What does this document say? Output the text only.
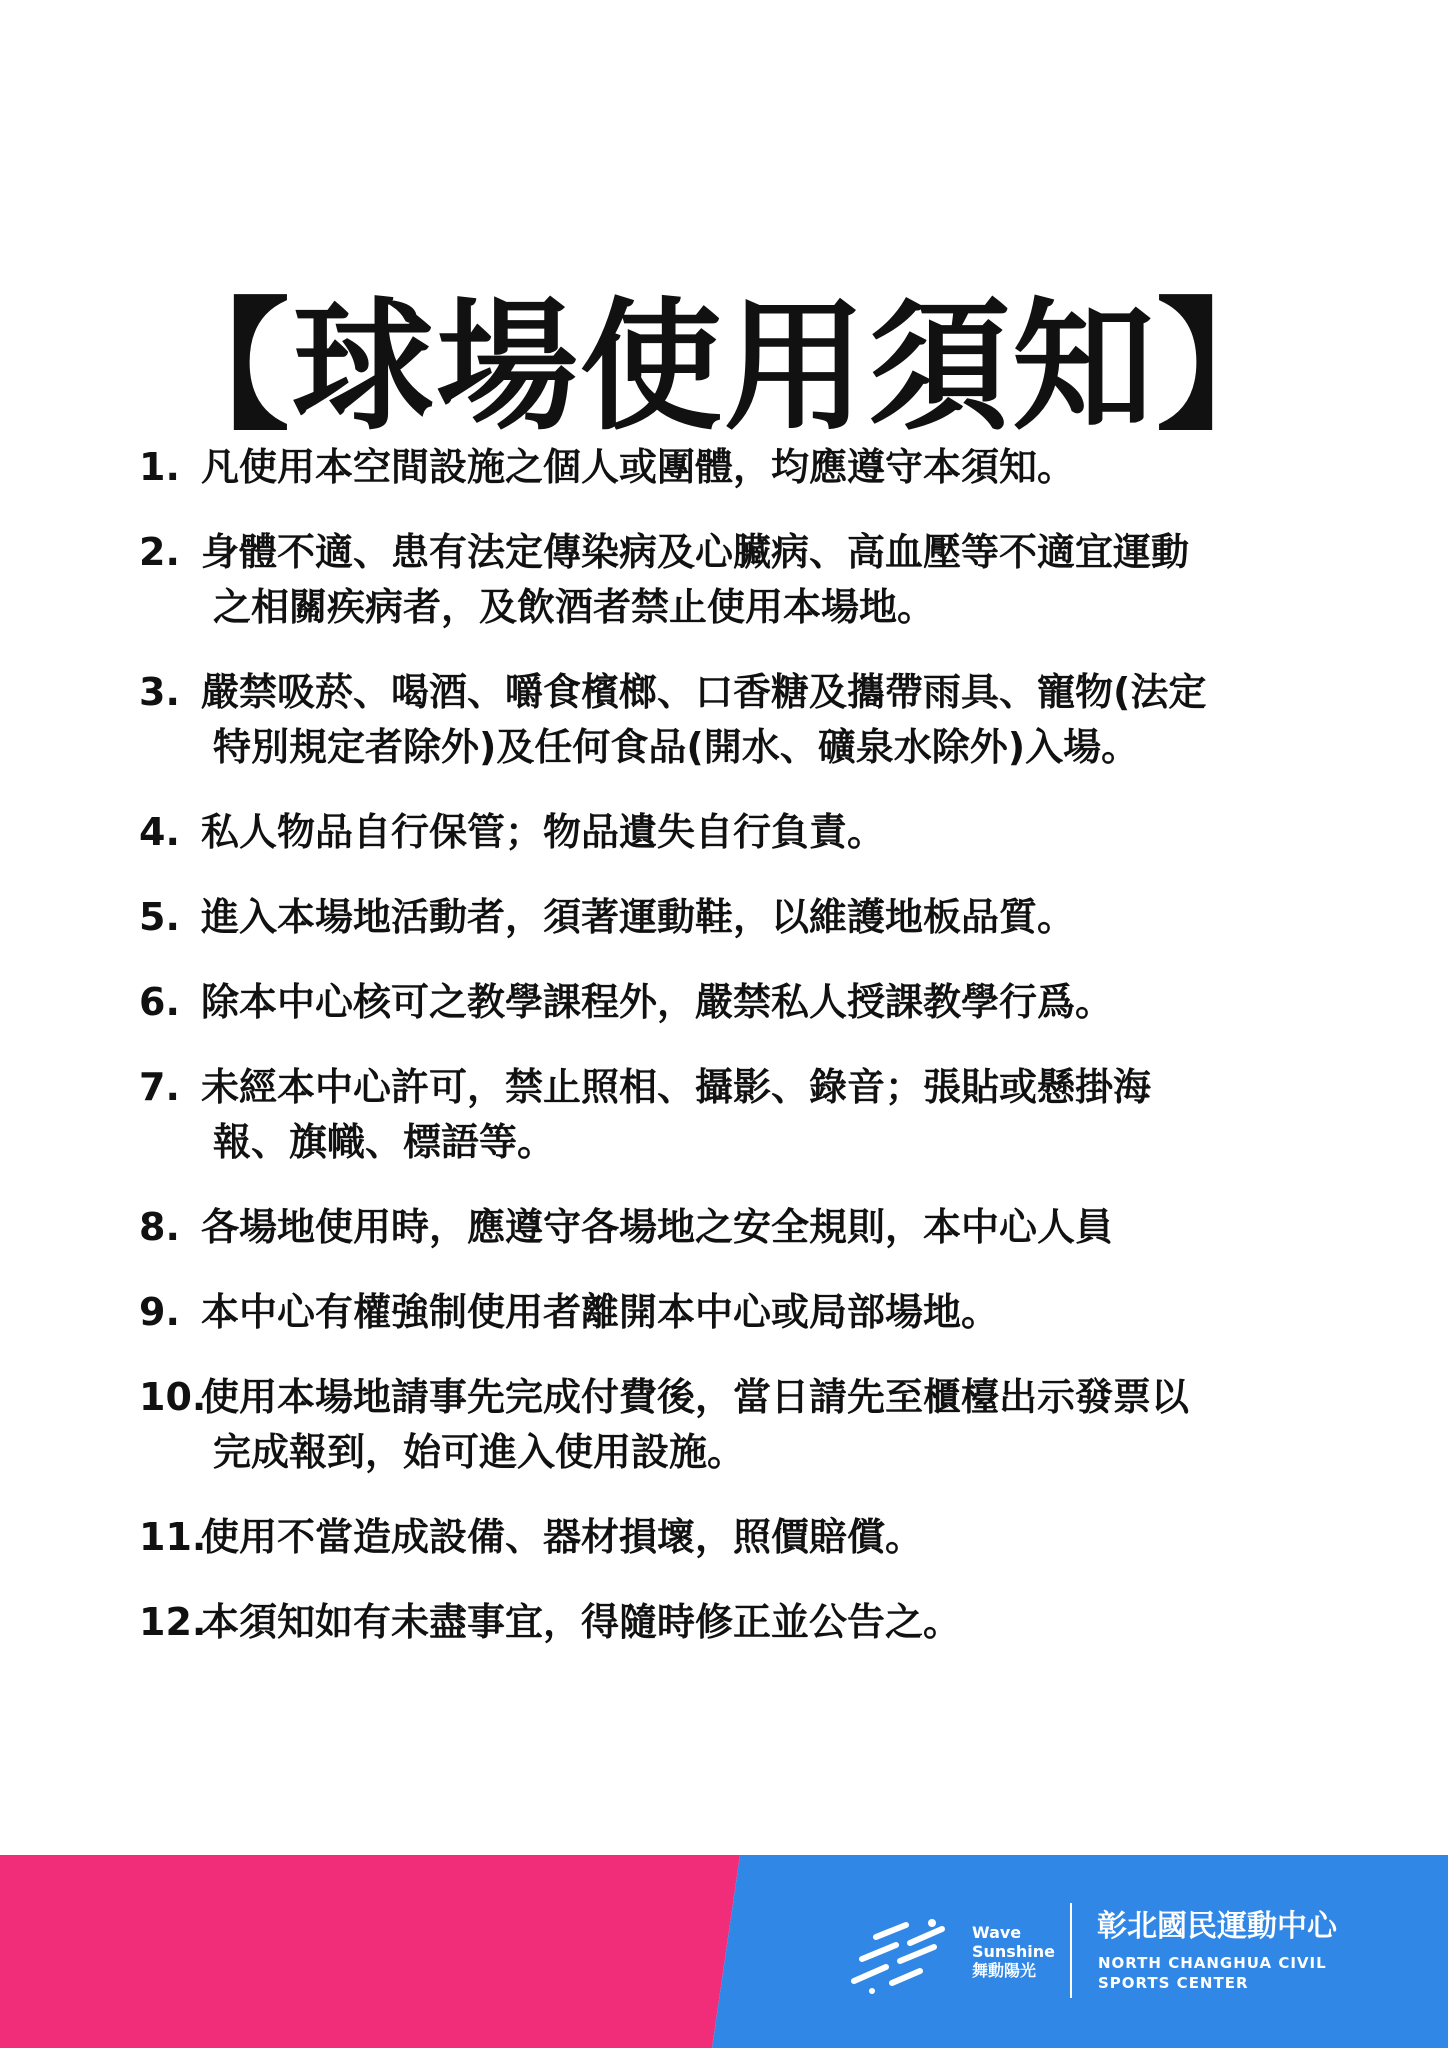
【球場使用須知】
1. 凡使用本空間設施之個人或團體，均應遵守本須知。
2. 身體不適、患有法定傳染病及心臟病、高血壓等不適宜運動
之相關疾病者，及飲酒者禁止使用本場地。
3. 嚴禁吸菸、喝酒、嚼食檳榔、口香糖及攜帶雨具、寵物(法定
特別規定者除外)及任何食品(開水、礦泉水除外)入場。
4. 私人物品自行保管；物品遺失自行負責。
5. 進入本場地活動者，須著運動鞋，以維護地板品質。
6. 除本中心核可之教學課程外，嚴禁私人授課教學行爲。
7. 未經本中心許可，禁止照相、攝影、錄音；張貼或懸掛海
報、旗幟、標語等。
8. 各場地使用時，應遵守各場地之安全規則，本中心人員
9. 本中心有權強制使用者離開本中心或局部場地。
10.
使用本場地請事先完成付費後，當日請先至櫃檯出示發票以
完成報到，始可進入使用設施。
11.
使用不當造成設備、器材損壞，照價賠償。
12.
本須知如有未盡事宜，得隨時修正並公告之。
Wave
Sunshine
舞動陽光
彰北國民運動中心
NORTH CHANGHUA CIVIL
SPORTS CENTER
